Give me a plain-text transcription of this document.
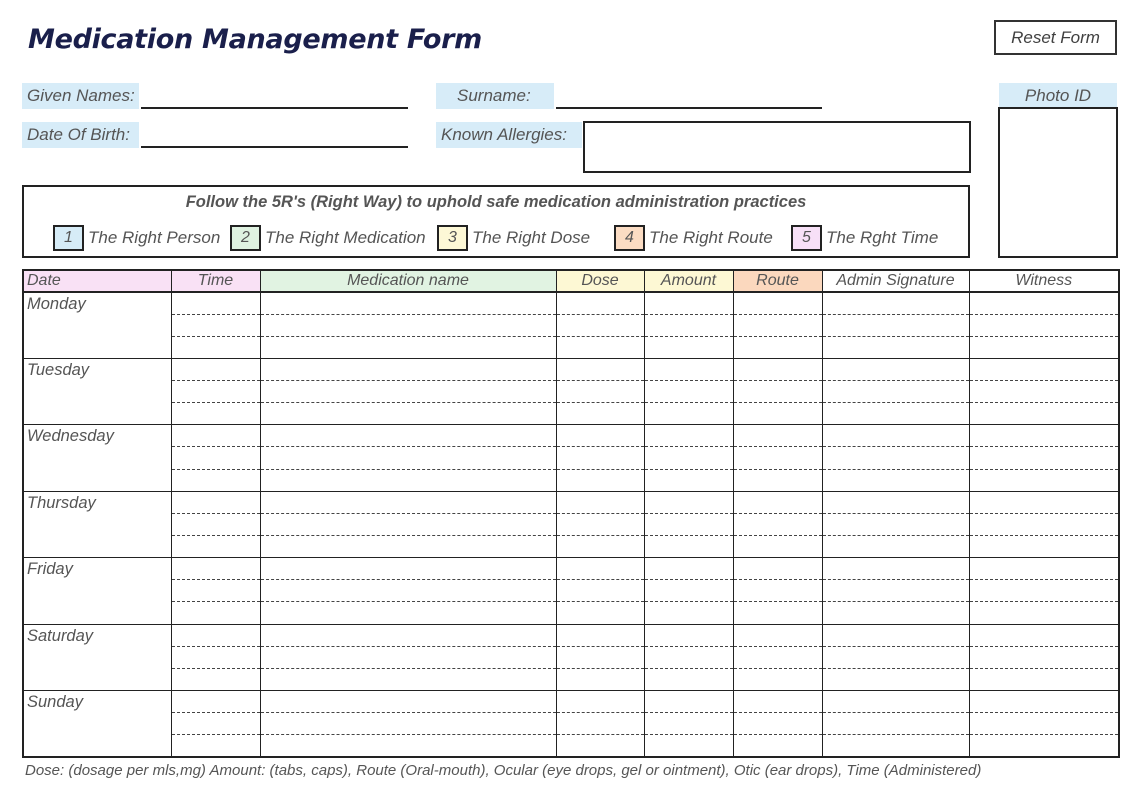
Medication Management Form	Reset Form
Given Names:	Surname:
Date Of Birth:	Known Allergies:
Photo ID
Follow the 5R's (Right Way) to uphold safe medication administration practices
1 The Right Person	2 The Right Medication	3 The Right Dose	4 The Right Route	5 The Rght Time
Date	Time	Medication name	Dose	Amount	Route	Admin Signature	Witness
Monday							

Tuesday							

Wednesday							

Thursday							

Friday							

Saturday							

Sunday							

Dose: (dosage per mls,mg) Amount: (tabs, caps), Route (Oral-mouth), Ocular (eye drops, gel or ointment), Otic (ear drops), Time (Administered)
